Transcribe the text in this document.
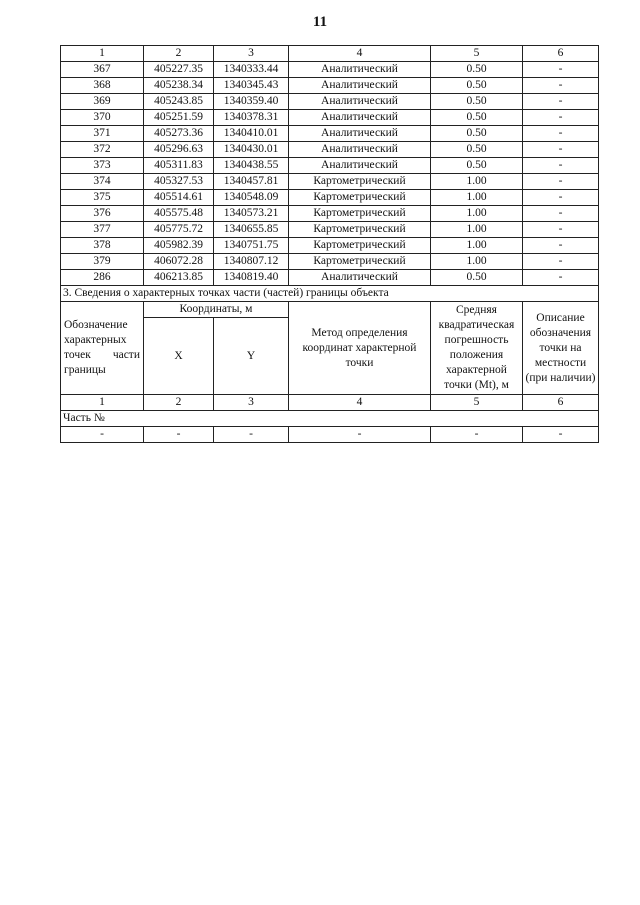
11
1	2	3	4	5	6
367	405227.35	1340333.44	Аналитический	0.50	-
368	405238.34	1340345.43	Аналитический	0.50	-
369	405243.85	1340359.40	Аналитический	0.50	-
370	405251.59	1340378.31	Аналитический	0.50	-
371	405273.36	1340410.01	Аналитический	0.50	-
372	405296.63	1340430.01	Аналитический	0.50	-
373	405311.83	1340438.55	Аналитический	0.50	-
374	405327.53	1340457.81	Картометрический	1.00	-
375	405514.61	1340548.09	Картометрический	1.00	-
376	405575.48	1340573.21	Картометрический	1.00	-
377	405775.72	1340655.85	Картометрический	1.00	-
378	405982.39	1340751.75	Картометрический	1.00	-
379	406072.28	1340807.12	Картометрический	1.00	-
286	406213.85	1340819.40	Аналитический	0.50	-
3. Сведения о характерных точках части (частей) границы объекта					
Обозначение характерных точек части границы	Координаты, м		Метод определения координат характерной точки	Средняя квадратическая погрешность положения характерной точки (Mt), м	Описание обозначения точки на местности (при наличии)
	X	Y			
1	2	3	4	5	6
Часть №					
-	-	-	-	-	-
